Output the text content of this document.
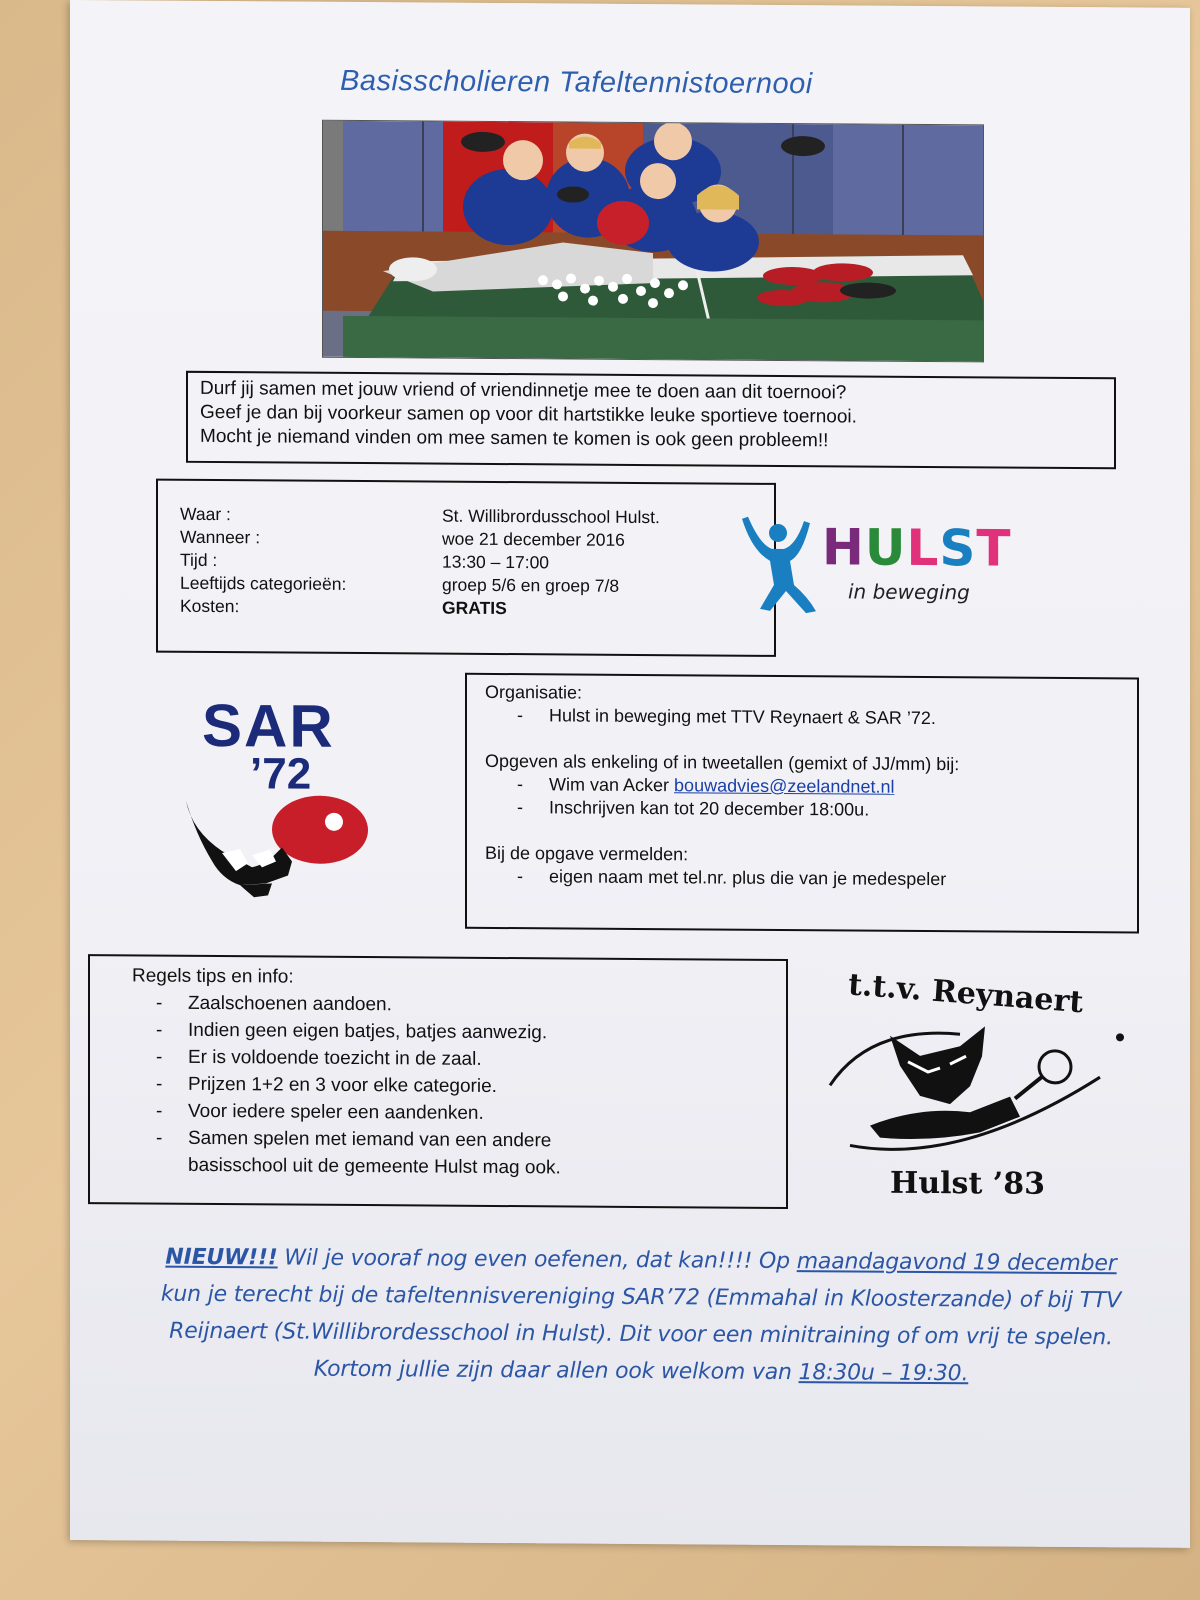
Basisscholieren Tafeltennistoernooi

Durf jij samen met jouw vriend of vriendinnetje mee te doen aan dit toernooi?

Geef je dan bij voorkeur samen op voor dit hartstikke leuke sportieve toernooi.

Mocht je niemand vinden om mee samen te komen is ook geen probleem!!

Waar :	St. Willibrordusschool Hulst.
Wanneer :	woe 21 december 2016
Tijd :	13:30 – 17:00
Leeftijds categorieën:	groep 5/6 en groep 7/8
Kosten:	GRATIS
HULST
in beweging
SAR
’72
Organisatie:
- Hulst in beweging met TTV Reynaert & SAR ’72.
Opgeven als enkeling of in tweetallen (gemixt of JJ/mm) bij:
- Wim van Acker bouwadvies@zeelandnet.nl
- Inschrijven kan tot 20 december 18:00u.
Bij de opgave vermelden:
- eigen naam met tel.nr. plus die van je medespeler
Regels tips en info:
- Zaalschoenen aandoen.
- Indien geen eigen batjes, batjes aanwezig.
- Er is voldoende toezicht in de zaal.
- Prijzen 1+2 en 3 voor elke categorie.
- Voor iedere speler een aandenken.
- Samen spelen met iemand van een andere
basisschool uit de gemeente Hulst mag ook.
t.t.v. Reynaert
Hulst ’83
NIEUW!!! Wil je vooraf nog even oefenen, dat kan!!!! Op maandagavond 19 december
kun je terecht bij de tafeltennisvereniging SAR’72 (Emmahal in Kloosterzande) of bij TTV
Reijnaert (St.Willibrordesschool in Hulst). Dit voor een minitraining of om vrij te spelen.
Kortom jullie zijn daar allen ook welkom van 18:30u – 19:30.
